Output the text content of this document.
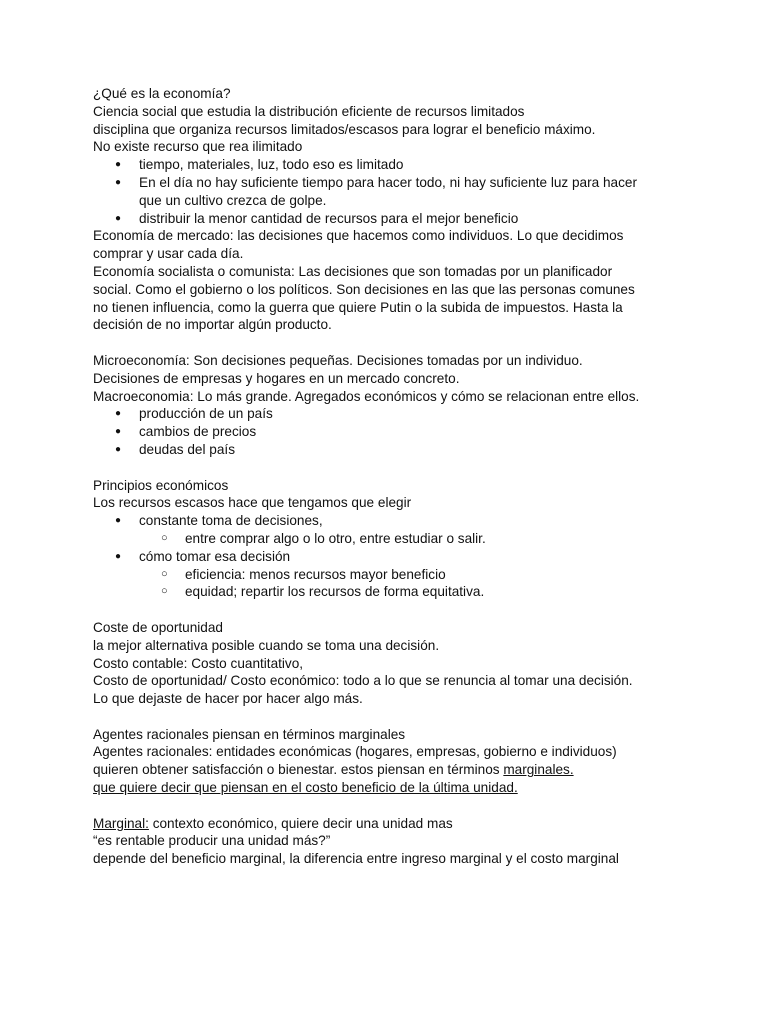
¿Qué es la economía?
Ciencia social que estudia la distribución eficiente de recursos limitados
disciplina que organiza recursos limitados/escasos para lograr el beneficio máximo.
No existe recurso que rea ilimitado
● tiempo, materiales, luz, todo eso es limitado
● En el día no hay suficiente tiempo para hacer todo, ni hay suficiente luz para hacer
que un cultivo crezca de golpe.
● distribuir la menor cantidad de recursos para el mejor beneficio
Economía de mercado: las decisiones que hacemos como individuos. Lo que decidimos
comprar y usar cada día.
Economía socialista o comunista: Las decisiones que son tomadas por un planificador
social. Como el gobierno o los políticos. Son decisiones en las que las personas comunes
no tienen influencia, como la guerra que quiere Putin o la subida de impuestos. Hasta la
decisión de no importar algún producto.
Microeconomía: Son decisiones pequeñas. Decisiones tomadas por un individuo.
Decisiones de empresas y hogares en un mercado concreto.
Macroeconomia: Lo más grande. Agregados económicos y cómo se relacionan entre ellos.
● producción de un país
● cambios de precios
● deudas del país
Principios económicos
Los recursos escasos hace que tengamos que elegir
● constante toma de decisiones,
○ entre comprar algo o lo otro, entre estudiar o salir.
● cómo tomar esa decisión
○ eficiencia: menos recursos mayor beneficio
○ equidad; repartir los recursos de forma equitativa.
Coste de oportunidad
la mejor alternativa posible cuando se toma una decisión.
Costo contable: Costo cuantitativo,
Costo de oportunidad/ Costo económico: todo a lo que se renuncia al tomar una decisión.
Lo que dejaste de hacer por hacer algo más.
Agentes racionales piensan en términos marginales
Agentes racionales: entidades económicas (hogares, empresas, gobierno e individuos)
quieren obtener satisfacción o bienestar. estos piensan en términos marginales.
que quiere decir que piensan en el costo beneficio de la última unidad.
Marginal: contexto económico, quiere decir una unidad mas
“es rentable producir una unidad más?”
depende del beneficio marginal, la diferencia entre ingreso marginal y el costo marginal
